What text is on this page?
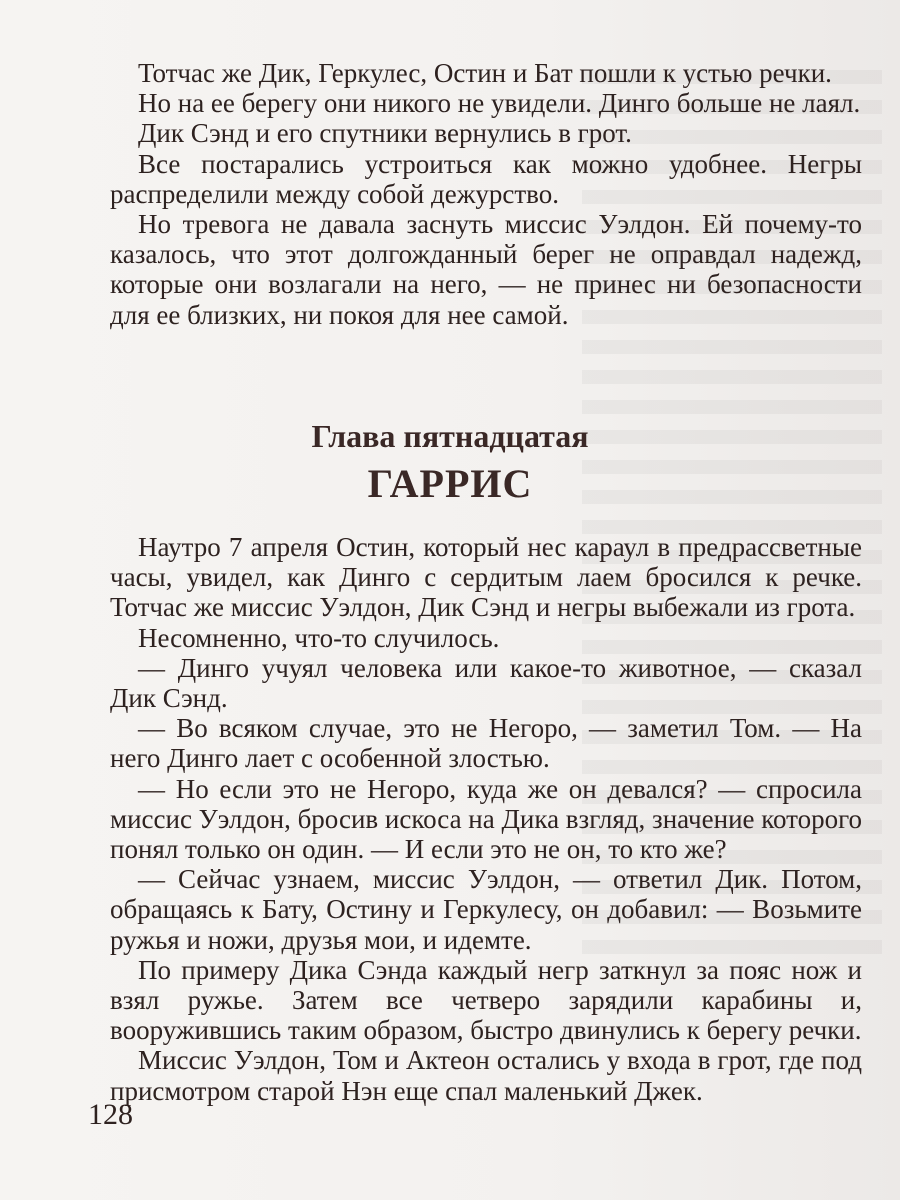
Тотчас же Дик, Геркулес, Остин и Бат пошли к устью речки.

Но на ее берегу они никого не увидели. Динго больше не лаял.

Дик Сэнд и его спутники вернулись в грот.

Все постарались устроиться как можно удобнее. Негры распределили между собой дежурство.

Но тревога не давала заснуть миссис Уэлдон. Ей почему-то казалось, что этот долгожданный берег не оправдал надежд, которые они возлагали на него, — не принес ни безопасности для ее близких, ни покоя для нее самой.

Глава пятнадцатая
ГАРРИС

Наутро 7 апреля Остин, который нес караул в предрассветные часы, увидел, как Динго с сердитым лаем бросился к речке. Тотчас же миссис Уэлдон, Дик Сэнд и негры выбежали из грота.

Несомненно, что-то случилось.

— Динго учуял человека или какое-то животное, — сказал Дик Сэнд.

— Во всяком случае, это не Негоро, — заметил Том. — На него Динго лает с особенной злостью.

— Но если это не Негоро, куда же он девался? — спросила миссис Уэлдон, бросив искоса на Дика взгляд, значение которого понял только он один. — И если это не он, то кто же?

— Сейчас узнаем, миссис Уэлдон, — ответил Дик. Потом, обращаясь к Бату, Остину и Геркулесу, он добавил: — Возьмите ружья и ножи, друзья мои, и идемте.

По примеру Дика Сэнда каждый негр заткнул за пояс нож и взял ружье. Затем все четверо зарядили карабины и, вооружившись таким образом, быстро двинулись к берегу речки.

Миссис Уэлдон, Том и Актеон остались у входа в грот, где под присмотром старой Нэн еще спал маленький Джек.

128
